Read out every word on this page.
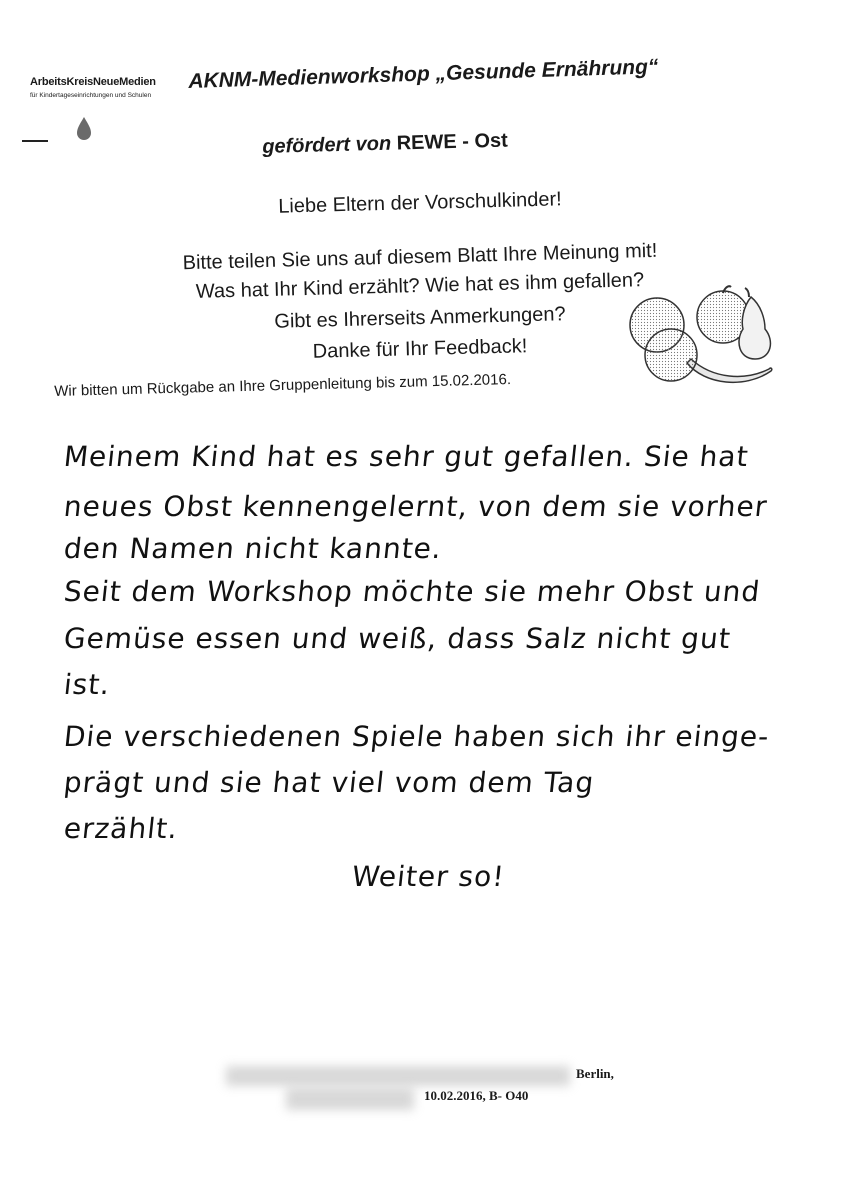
ArbeitsKreisNeueMedien
für Kindertageseinrichtungen und Schulen
AKNM-Medienworkshop „Gesunde Ernährung“
gefördert von REWE - Ost
Liebe Eltern der Vorschulkinder!
Bitte teilen Sie uns auf diesem Blatt Ihre Meinung mit!
Was hat Ihr Kind erzählt? Wie hat es ihm gefallen?
Gibt es Ihrerseits Anmerkungen?
Danke für Ihr Feedback!
Wir bitten um Rückgabe an Ihre Gruppenleitung bis zum 15.02.2016.
Meinem Kind hat es sehr gut gefallen. Sie hat
neues Obst kennengelernt, von dem sie vorher
den Namen nicht kannte.
Seit dem Workshop möchte sie mehr Obst und
Gemüse essen und weiß, dass Salz nicht gut
ist.
Die verschiedenen Spiele haben sich ihr einge-
prägt und sie hat viel vom dem Tag
erzählt.
Weiter so!
Berlin,
10.02.2016, B- O40
